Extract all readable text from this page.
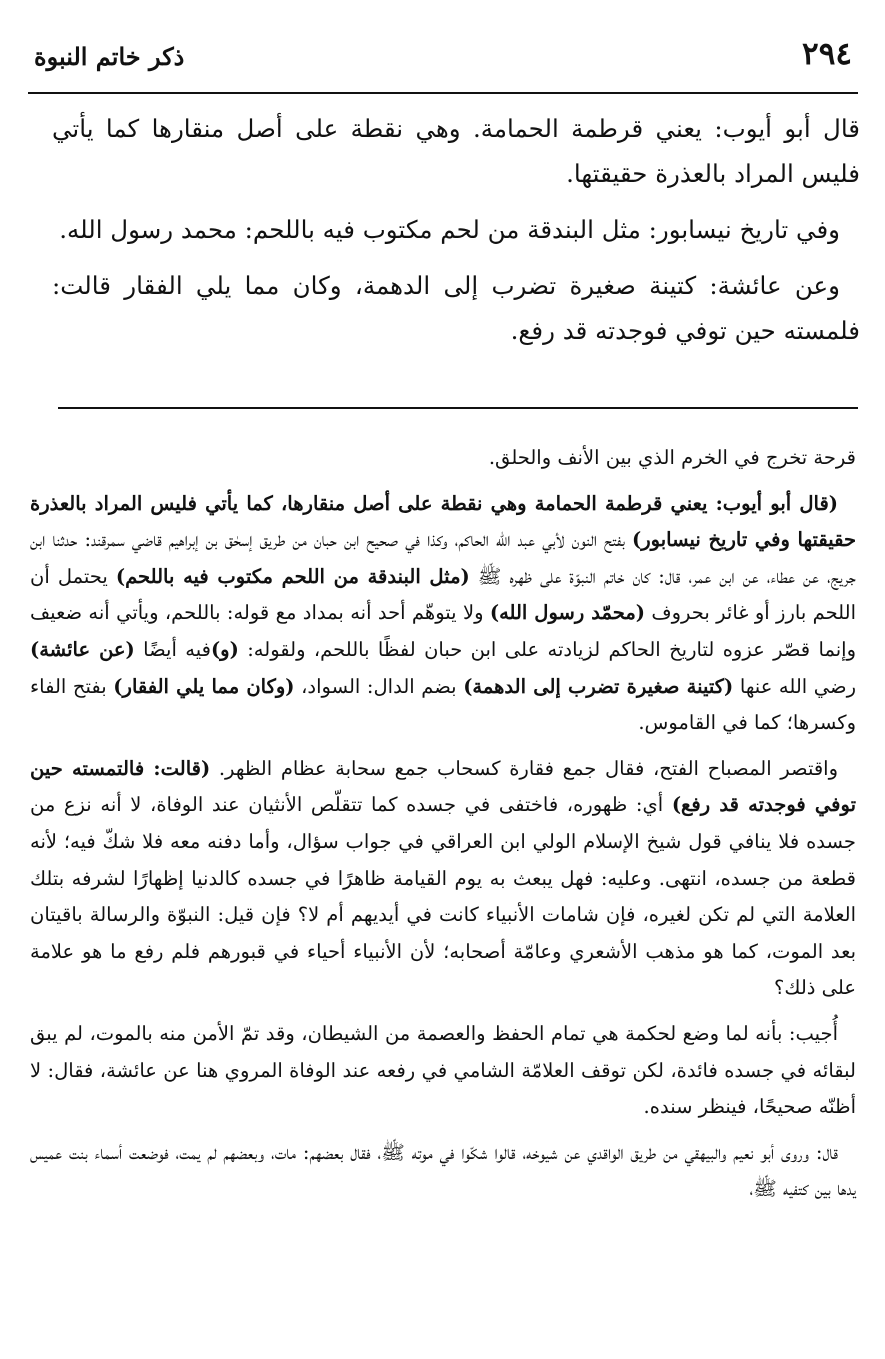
٢٩٤
ذكر خاتم النبوة

قال أبو أيوب: يعني قرطمة الحمامة. وهي نقطة على أصل منقارها كما يأتي فليس المراد بالعذرة حقيقتها.

وفي تاريخ نيسابور: مثل البندقة من لحم مكتوب فيه باللحم: محمد رسول الله.

وعن عائشة: كتينة صغيرة تضرب إلى الدهمة، وكان مما يلي الفقار قالت: فلمسته حين توفي فوجدته قد رفع.

قرحة تخرج في الخرم الذي بين الأنف والحلق.

(قال أبو أيوب: يعني قرطمة الحمامة وهي نقطة على أصل منقارها، كما يأتي فليس المراد بالعذرة حقيقتها وفي تاريخ نيسابور) بفتح النون لأبي عبد الله الحاكم، وكذا في صحيح ابن حبان من طريق إسحٰق بن إبراهيم قاضي سمرقند: حدثنا ابن جريج، عن عطاء، عن ابن عمر، قال: كان خاتم النبوّة على ظهره ﷺ (مثل البندقة من اللحم مكتوب فيه باللحم) يحتمل أن اللحم بارز أو غائر بحروف (محمّد رسول الله) ولا يتوهّم أحد أنه بمداد مع قوله: باللحم، ويأتي أنه ضعيف وإنما قصّر عزوه لتاريخ الحاكم لزيادته على ابن حبان لفظًا باللحم، ولقوله: (و)فيه أيضًا (عن عائشة) رضي الله عنها (كتينة صغيرة تضرب إلى الدهمة) بضم الدال: السواد، (وكان مما يلي الفقار) بفتح الفاء وكسرها؛ كما في القاموس.

واقتصر المصباح الفتح، فقال جمع فقارة كسحاب جمع سحابة عظام الظهر. (قالت: فالتمسته حين توفي فوجدته قد رفع) أي: ظهوره، فاختفى في جسده كما تتقلّص الأنثيان عند الوفاة، لا أنه نزع من جسده فلا ينافي قول شيخ الإسلام الولي ابن العراقي في جواب سؤال، وأما دفنه معه فلا شكّ فيه؛ لأنه قطعة من جسده، انتهى. وعليه: فهل يبعث به يوم القيامة ظاهرًا في جسده كالدنيا إظهارًا لشرفه بتلك العلامة التي لم تكن لغيره، فإن شامات الأنبياء كانت في أيديهم أم لا؟ فإن قيل: النبوّة والرسالة باقيتان بعد الموت، كما هو مذهب الأشعري وعامّة أصحابه؛ لأن الأنبياء أحياء في قبورهم فلم رفع ما هو علامة على ذلك؟

أُجيب: بأنه لما وضع لحكمة هي تمام الحفظ والعصمة من الشيطان، وقد تمّ الأمن منه بالموت، لم يبق لبقائه في جسده فائدة، لكن توقف العلامّة الشامي في رفعه عند الوفاة المروي هنا عن عائشة، فقال: لا أظنّه صحيحًا، فينظر سنده.

قال: وروى أبو نعيم والبيهقي من طريق الواقدي عن شيوخه، قالوا شكّوا في موته ﷺ، فقال بعضهم: مات، وبعضهم لم يمت، فوضعت أسماء بنت عميس يدها بين كتفيه ﷺ،
